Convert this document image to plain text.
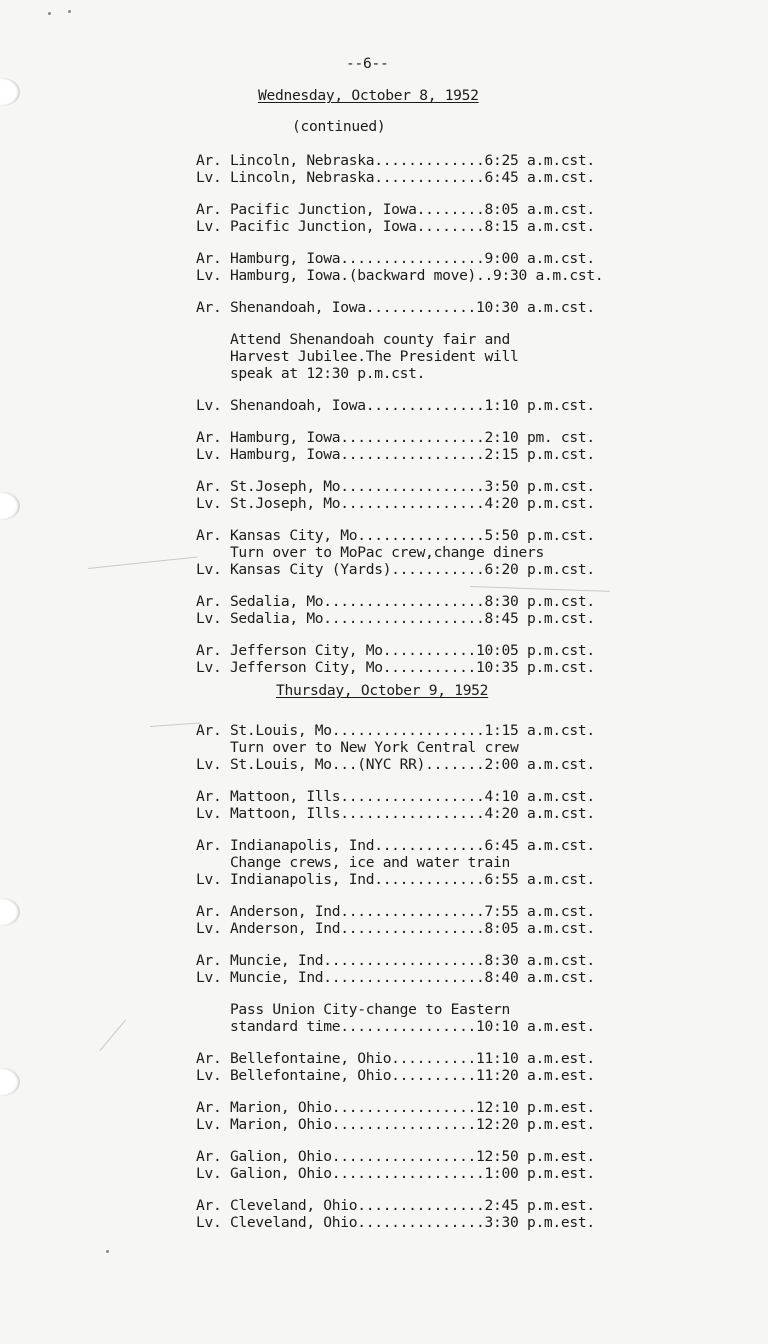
--6--
Wednesday, October 8, 1952
(continued)
Thursday, October 9, 1952
Ar. Lincoln, Nebraska.............6:25 a.m.cst.
Lv. Lincoln, Nebraska.............6:45 a.m.cst.
Ar. Pacific Junction, Iowa........8:05 a.m.cst.
Lv. Pacific Junction, Iowa........8:15 a.m.cst.
Ar. Hamburg, Iowa.................9:00 a.m.cst.
Lv. Hamburg, Iowa.(backward move)..9:30 a.m.cst.
Ar. Shenandoah, Iowa.............10:30 a.m.cst.
Attend Shenandoah county fair and
Harvest Jubilee.The President will
speak at 12:30 p.m.cst.
Lv. Shenandoah, Iowa..............1:10 p.m.cst.
Ar. Hamburg, Iowa.................2:10 pm. cst.
Lv. Hamburg, Iowa.................2:15 p.m.cst.
Ar. St.Joseph, Mo.................3:50 p.m.cst.
Lv. St.Joseph, Mo.................4:20 p.m.cst.
Ar. Kansas City, Mo...............5:50 p.m.cst.
Turn over to MoPac crew,change diners
Lv. Kansas City (Yards)...........6:20 p.m.cst.
Ar. Sedalia, Mo...................8:30 p.m.cst.
Lv. Sedalia, Mo...................8:45 p.m.cst.
Ar. Jefferson City, Mo...........10:05 p.m.cst.
Lv. Jefferson City, Mo...........10:35 p.m.cst.
Ar. St.Louis, Mo..................1:15 a.m.cst.
Turn over to New York Central crew
Lv. St.Louis, Mo...(NYC RR).......2:00 a.m.cst.
Ar. Mattoon, Ills.................4:10 a.m.cst.
Lv. Mattoon, Ills.................4:20 a.m.cst.
Ar. Indianapolis, Ind.............6:45 a.m.cst.
Change crews, ice and water train
Lv. Indianapolis, Ind.............6:55 a.m.cst.
Ar. Anderson, Ind.................7:55 a.m.cst.
Lv. Anderson, Ind.................8:05 a.m.cst.
Ar. Muncie, Ind...................8:30 a.m.cst.
Lv. Muncie, Ind...................8:40 a.m.cst.
Pass Union City-change to Eastern
standard time................10:10 a.m.est.
Ar. Bellefontaine, Ohio..........11:10 a.m.est.
Lv. Bellefontaine, Ohio..........11:20 a.m.est.
Ar. Marion, Ohio.................12:10 p.m.est.
Lv. Marion, Ohio.................12:20 p.m.est.
Ar. Galion, Ohio.................12:50 p.m.est.
Lv. Galion, Ohio..................1:00 p.m.est.
Ar. Cleveland, Ohio...............2:45 p.m.est.
Lv. Cleveland, Ohio...............3:30 p.m.est.
